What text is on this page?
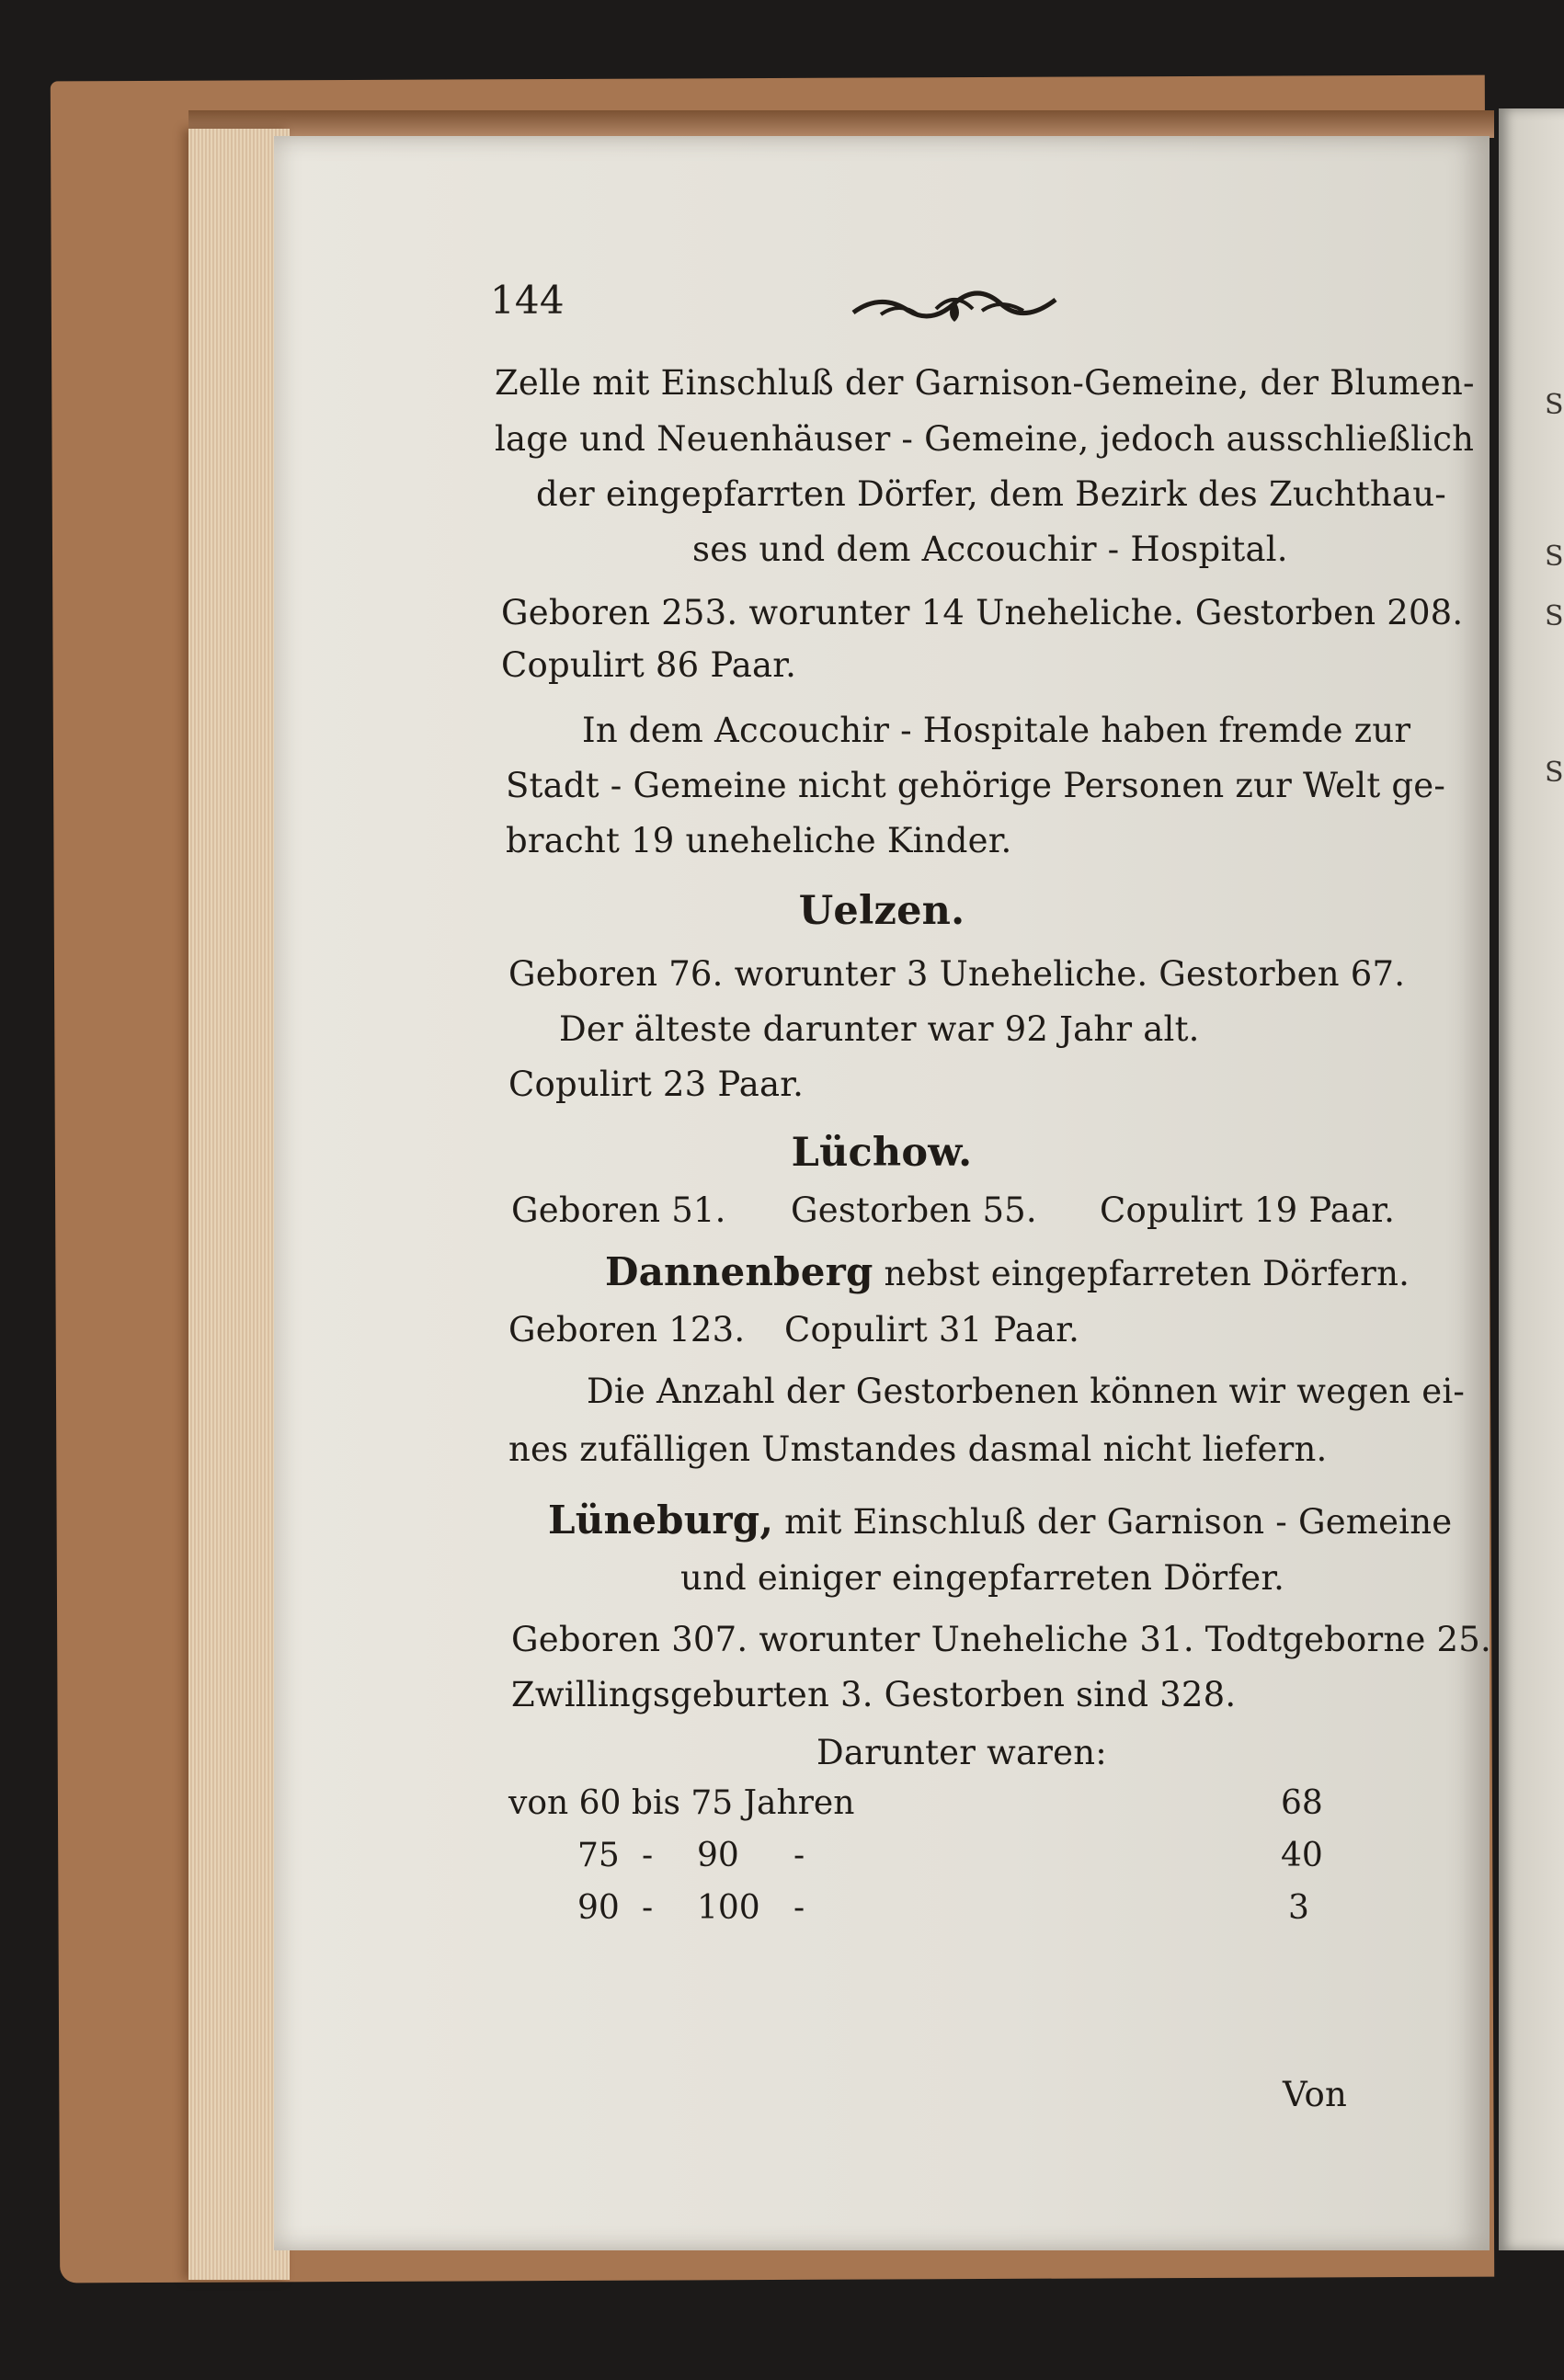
S
S
S
S
144
Zelle mit Einschluß der Garnison-Gemeine, der Blumen-
lage und Neuenhäuser - Gemeine, jedoch ausschließlich
der eingepfarrten Dörfer, dem Bezirk des Zuchthau-
ses und dem Accouchir - Hospital.
Geboren 253. worunter 14 Uneheliche. Gestorben 208.
Copulirt 86 Paar.
In dem Accouchir - Hospitale haben fremde zur
Stadt - Gemeine nicht gehörige Personen zur Welt ge-
bracht 19 uneheliche Kinder.
Uelzen.
Geboren 76. worunter 3 Uneheliche. Gestorben 67.
Der älteste darunter war 92 Jahr alt.
Copulirt 23 Paar.
Lüchow.
Geboren 51. Gestorben 55. Copulirt 19 Paar.
Dannenberg nebst eingepfarreten Dörfern.
Geboren 123. Copulirt 31 Paar.
Die Anzahl der Gestorbenen können wir wegen ei-
nes zufälligen Umstandes dasmal nicht liefern.
Lüneburg, mit Einschluß der Garnison - Gemeine
und einiger eingepfarreten Dörfer.
Geboren 307. worunter Uneheliche 31. Todtgeborne 25.
Zwillingsgeburten 3. Gestorben sind 328.
Darunter waren:
von 60 bis 75 Jahren	68
75 - 90 -	40
90 - 100 -	3
Von
